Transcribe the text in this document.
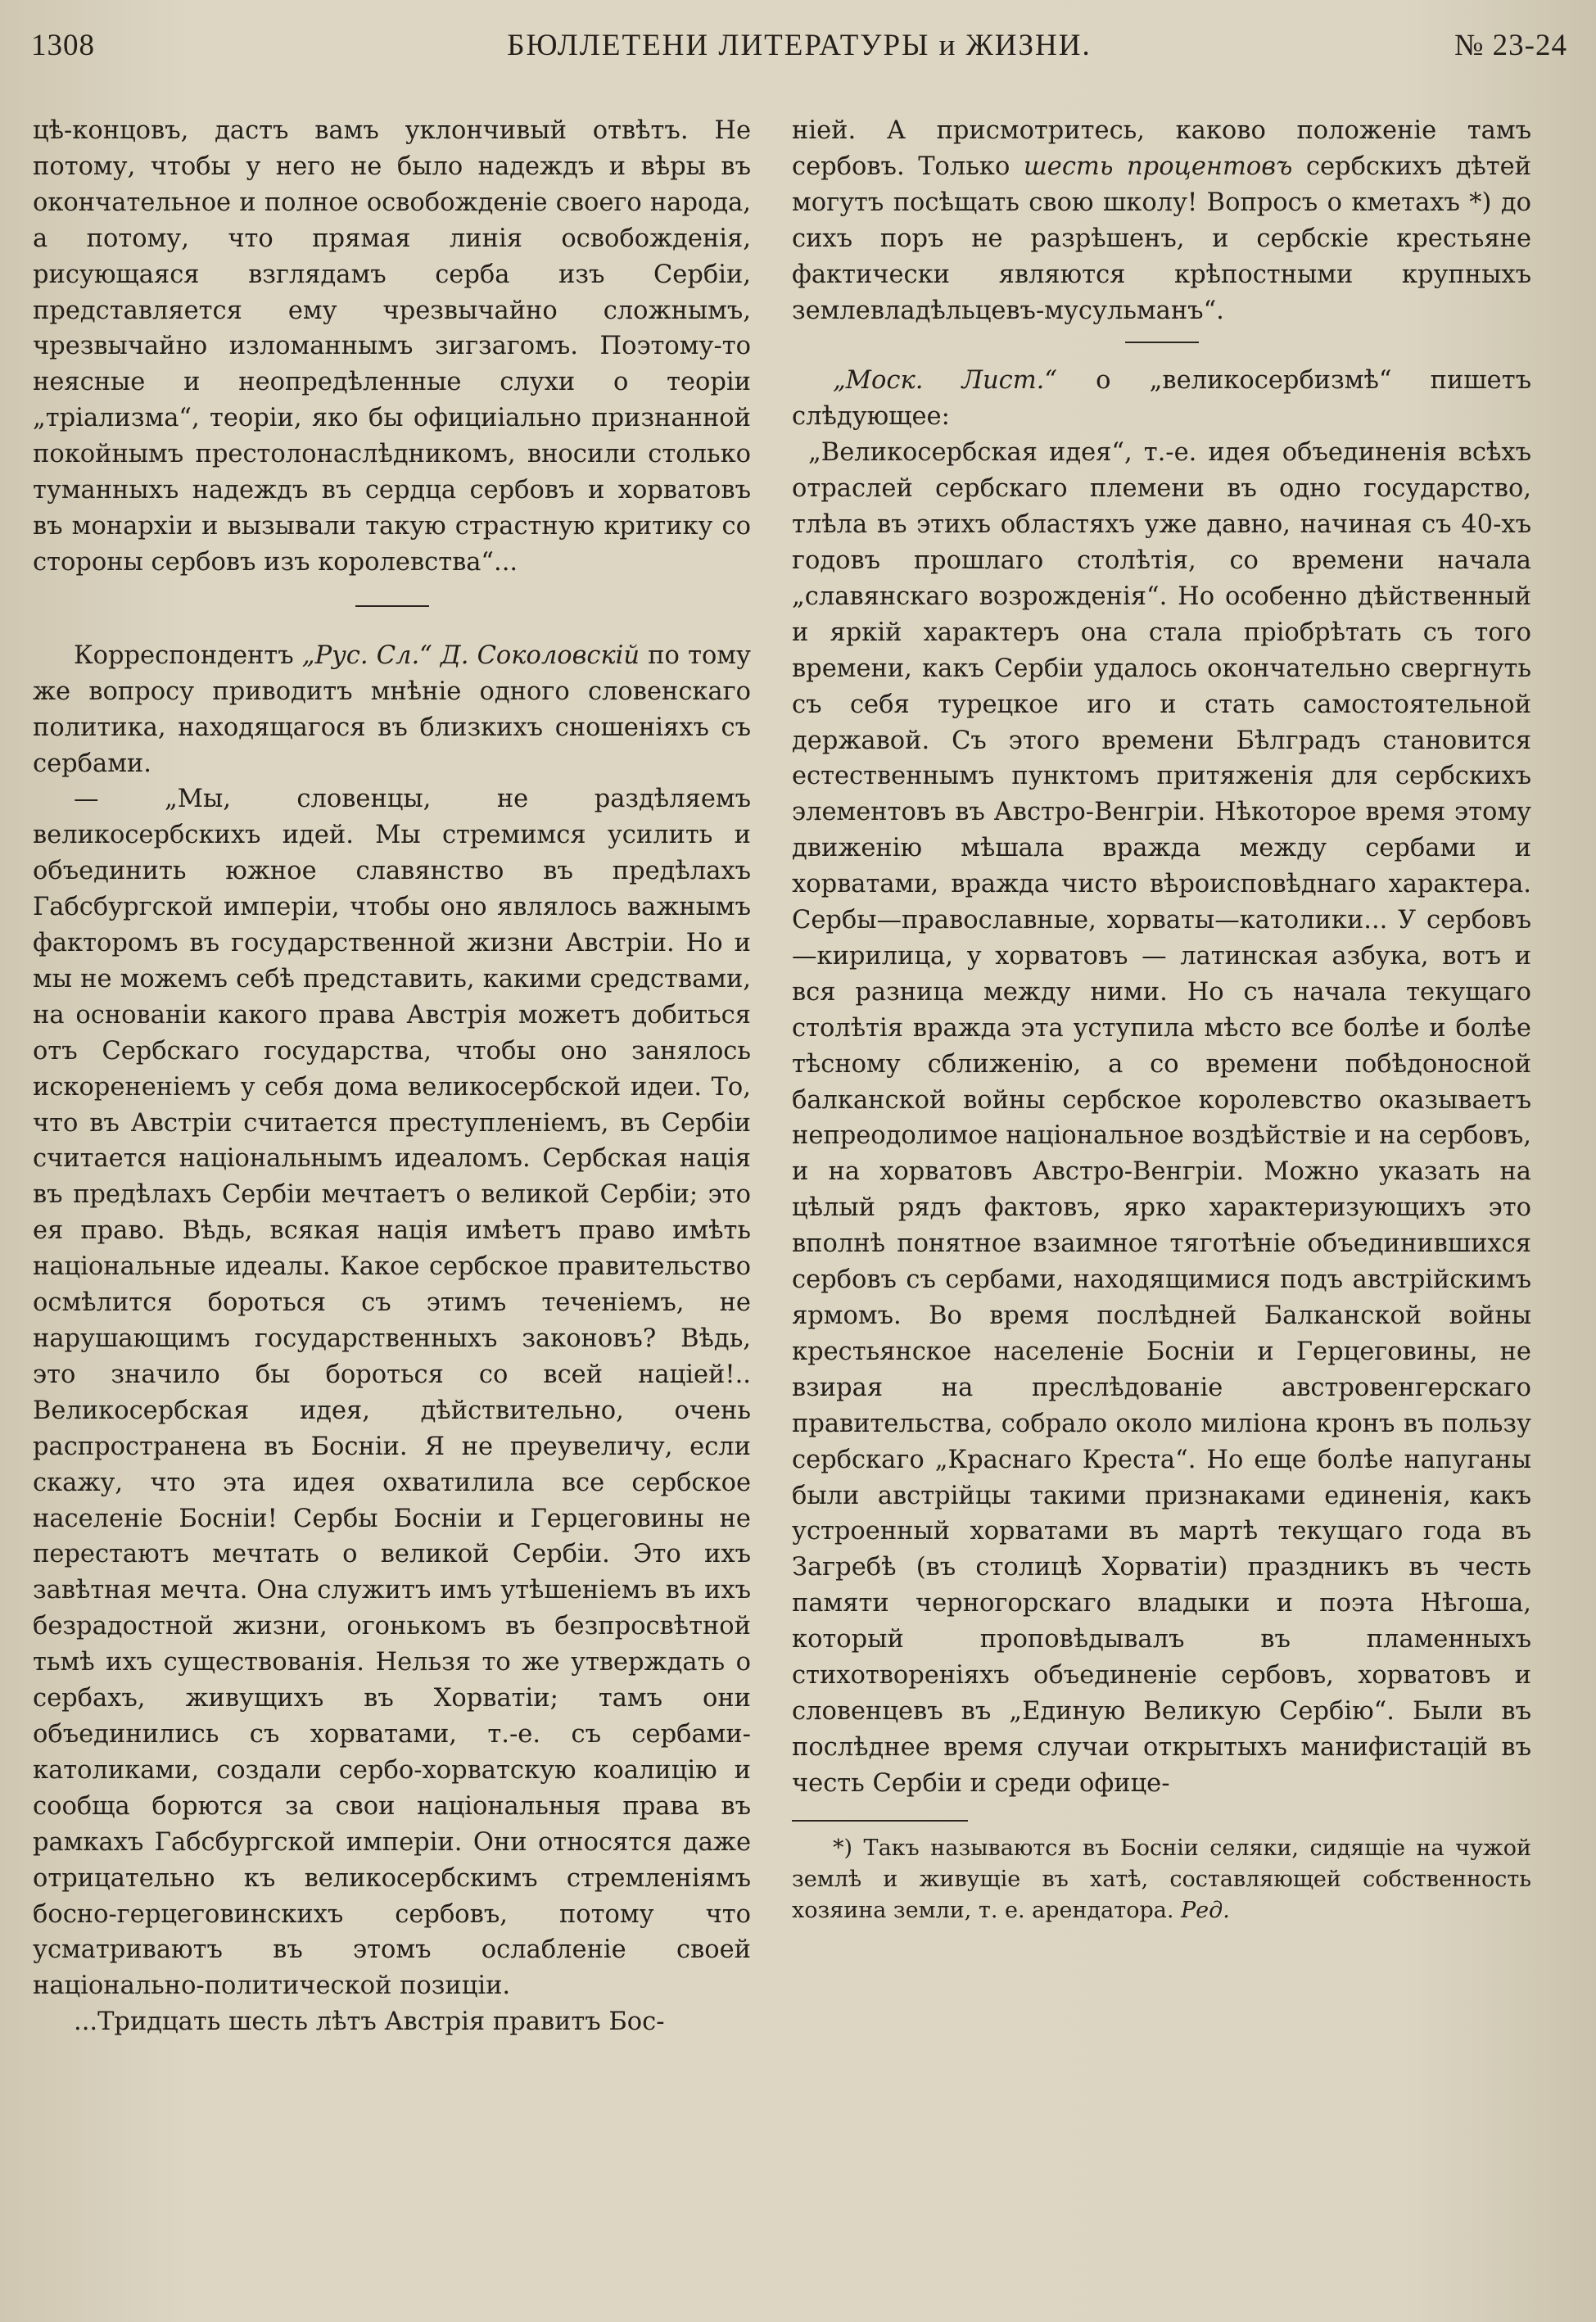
1308	БЮЛЛЕТЕНИ ЛИТЕРАТУРЫ и ЖИЗНИ.	№ 23-24

цѣ-концовъ, дастъ вамъ уклончивый отвѣтъ. Не потому, чтобы у него не было надеждъ и вѣры въ окончательное и полное освобожденіе своего народа, а потому, что прямая линія освобожденія, рисующаяся взглядамъ серба изъ Сербіи, представляется ему чрезвычайно сложнымъ, чрезвычайно изломаннымъ зигзагомъ. Поэтому-то неясные и неопредѣленные слухи о теоріи „тріализма“, теоріи, яко бы официіально признанной покойнымъ престолонаслѣдникомъ, вносили столько туманныхъ надеждъ въ сердца сербовъ и хорватовъ въ монархіи и вызывали такую страстную критику со стороны сербовъ изъ королевства“...

Корреспондентъ „Рус. Сл.“ Д. Соколовскій по тому же вопросу приводитъ мнѣніе одного словенскаго политика, находящагося въ близкихъ сношеніяхъ съ сербами.

— „Мы, словенцы, не раздѣляемъ великосербскихъ идей. Мы стремимся усилить и объединить южное славянство въ предѣлахъ Габсбургской имперіи, чтобы оно являлось важнымъ факторомъ въ государственной жизни Австріи. Но и мы не можемъ себѣ представить, какими средствами, на основаніи какого права Австрія можетъ добиться отъ Сербскаго государства, чтобы оно занялось искорененіемъ у себя дома великосербской идеи. То, что въ Австріи считается преступленіемъ, въ Сербіи считается національнымъ идеаломъ. Сербская нація въ предѣлахъ Сербіи мечтаетъ о великой Сербіи; это ея право. Вѣдь, всякая нація имѣетъ право имѣть національные идеалы. Какое сербское правительство осмѣлится бороться съ этимъ теченіемъ, не нарушающимъ государственныхъ законовъ? Вѣдь, это значило бы бороться со всей націей!.. Великосербская идея, дѣйствительно, очень распространена въ Босніи. Я не преувеличу, если скажу, что эта идея охватилила все сербское населеніе Босніи! Сербы Босніи и Герцеговины не перестаютъ мечтать о великой Сербіи. Это ихъ завѣтная мечта. Она служитъ имъ утѣшеніемъ въ ихъ безрадостной жизни, огонькомъ въ безпросвѣтной тьмѣ ихъ существованія. Нельзя то же утверждать о сербахъ, живущихъ въ Хорватіи; тамъ они объединились съ хорватами, т.-е. съ сербами-католиками, создали сербо-хорватскую коалицію и сообща борются за свои національныя права въ рамкахъ Габсбургской имперіи. Они относятся даже отрицательно къ великосербскимъ стремленіямъ босно-герцеговинскихъ сербовъ, потому что усматриваютъ въ этомъ ослабленіе своей національно-политической позиціи.

...Тридцать шесть лѣтъ Австрія правитъ Бос-

ніей. А присмотритесь, каково положеніе тамъ сербовъ. Только шесть процентовъ сербскихъ дѣтей могутъ посѣщать свою школу! Вопросъ о кметахъ *) до сихъ поръ не разрѣшенъ, и сербскіе крестьяне фактически являются крѣпостными крупныхъ землевладѣльцевъ-мусульманъ“.

„Моск. Лист.“ о „великосербизмѣ“ пишетъ слѣдующее:

„Великосербская идея“, т.-е. идея объединенія всѣхъ отраслей сербскаго племени въ одно государство, тлѣла въ этихъ областяхъ уже давно, начиная съ 40-хъ годовъ прошлаго столѣтія, со времени начала „славянскаго возрожденія“. Но особенно дѣйственный и яркій характеръ она стала пріобрѣтать съ того времени, какъ Сербіи удалось окончательно свергнуть съ себя турецкое иго и стать самостоятельной державой. Съ этого времени Бѣлградъ становится естественнымъ пунктомъ притяженія для сербскихъ элементовъ въ Австро-Венгріи. Нѣкоторое время этому движенію мѣшала вражда между сербами и хорватами, вражда чисто вѣроисповѣднаго характера. Сербы—православные, хорваты—католики... У сербовъ—кирилица, у хорватовъ — латинская азбука, вотъ и вся разница между ними. Но съ начала текущаго столѣтія вражда эта уступила мѣсто все болѣе и болѣе тѣсному сближенію, а со времени побѣдоносной балканской войны сербское королевство оказываетъ непреодолимое національное воздѣйствіе и на сербовъ, и на хорватовъ Австро-Венгріи. Можно указать на цѣлый рядъ фактовъ, ярко характеризующихъ это вполнѣ понятное взаимное тяготѣніе объединившихся сербовъ съ сербами, находящимися подъ австрійскимъ ярмомъ. Во время послѣдней Балканской войны крестьянское населеніе Босніи и Герцеговины, не взирая на преслѣдованіе австровенгерскаго правительства, собрало около миліона кронъ въ пользу сербскаго „Краснаго Креста“. Но еще болѣе напуганы были австрійцы такими признаками единенія, какъ устроенный хорватами въ мартѣ текущаго года въ Загребѣ (въ столицѣ Хорватіи) праздникъ въ честь памяти черногорскаго владыки и поэта Нѣгоша, который проповѣдывалъ въ пламенныхъ стихотвореніяхъ объединеніе сербовъ, хорватовъ и словенцевъ въ „Единую Великую Сербію“. Были въ послѣднее время случаи открытыхъ манифистацій въ честь Сербіи и среди офице-

*) Такъ называются въ Босніи селяки, сидящіе на чужой землѣ и живущіе въ хатѣ, составляющей собственность хозяина земли, т. е. арендатора. Ред.
